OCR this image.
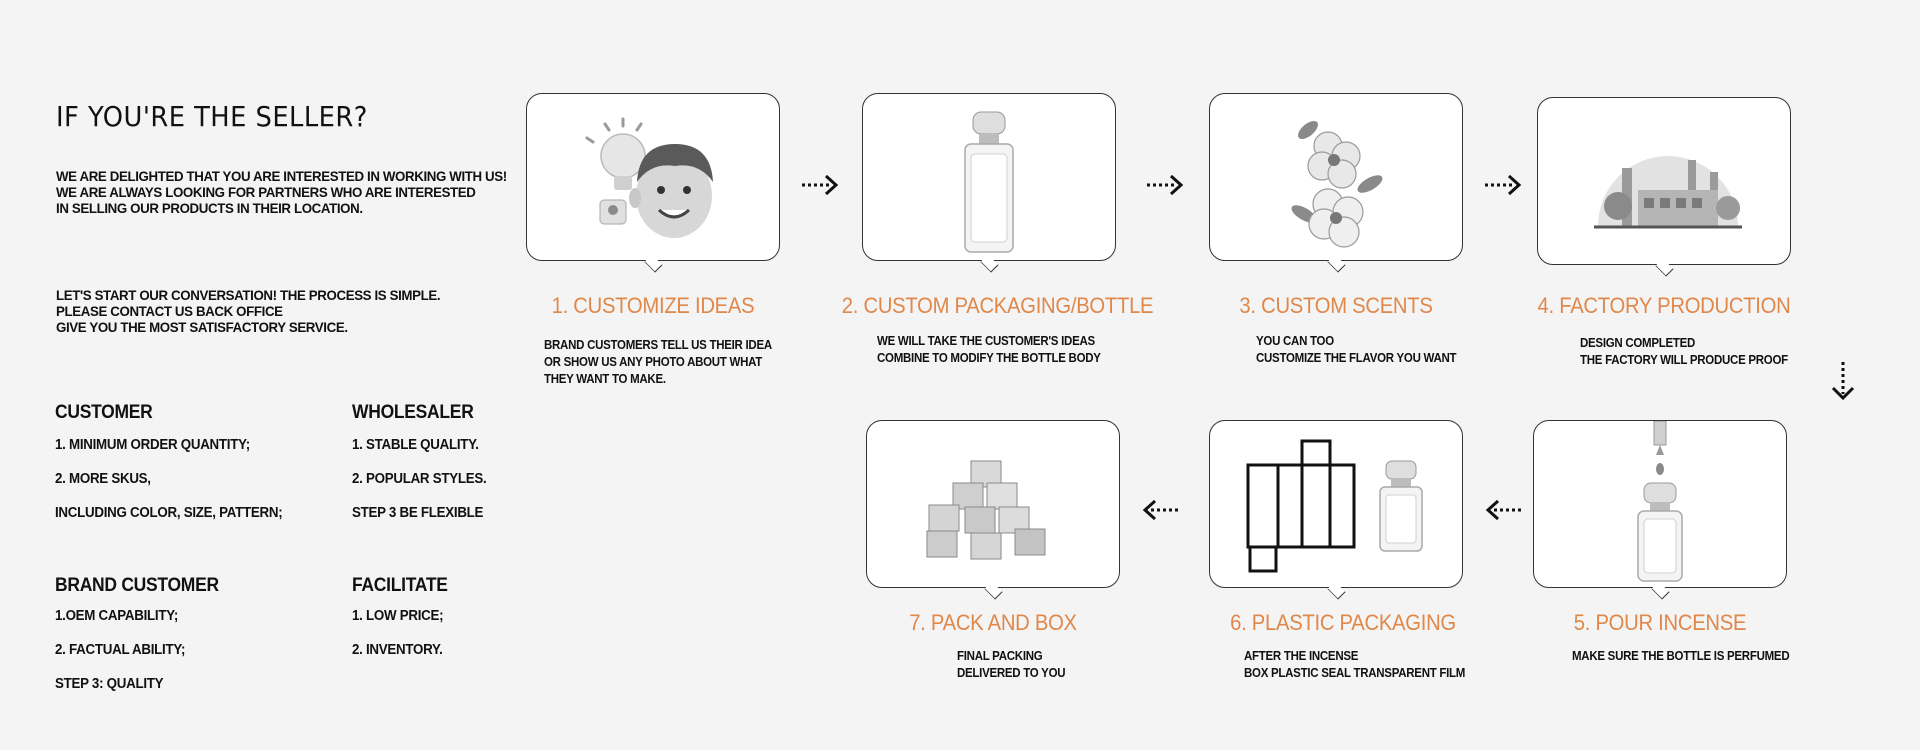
IF YOU'RE THE SELLER?
WE ARE DELIGHTED THAT YOU ARE INTERESTED IN WORKING WITH US!
WE ARE ALWAYS LOOKING FOR PARTNERS WHO ARE INTERESTED
IN SELLING OUR PRODUCTS IN THEIR LOCATION.
LET'S START OUR CONVERSATION! THE PROCESS IS SIMPLE.
PLEASE CONTACT US BACK OFFICE
GIVE YOU THE MOST SATISFACTORY SERVICE.
CUSTOMER
1. MINIMUM ORDER QUANTITY;
2. MORE SKUS,
INCLUDING COLOR, SIZE, PATTERN;
WHOLESALER
1. STABLE QUALITY.
2. POPULAR STYLES.
STEP 3 BE FLEXIBLE
BRAND CUSTOMER
1.OEM CAPABILITY;
2. FACTUAL ABILITY;
STEP 3: QUALITY
FACILITATE
1. LOW PRICE;
2. INVENTORY.
1. CUSTOMIZE IDEAS
BRAND CUSTOMERS TELL US THEIR IDEA
OR SHOW US ANY PHOTO ABOUT WHAT
THEY WANT TO MAKE.
2. CUSTOM PACKAGING/BOTTLE
WE WILL TAKE THE CUSTOMER'S IDEAS
COMBINE TO MODIFY THE BOTTLE BODY
3. CUSTOM SCENTS
YOU CAN TOO
CUSTOMIZE THE FLAVOR YOU WANT
4. FACTORY PRODUCTION
DESIGN COMPLETED
THE FACTORY WILL PRODUCE PROOF
5. POUR INCENSE
MAKE SURE THE BOTTLE IS PERFUMED
6. PLASTIC PACKAGING
AFTER THE INCENSE
BOX PLASTIC SEAL TRANSPARENT FILM
7. PACK AND BOX
FINAL PACKING
DELIVERED TO YOU
